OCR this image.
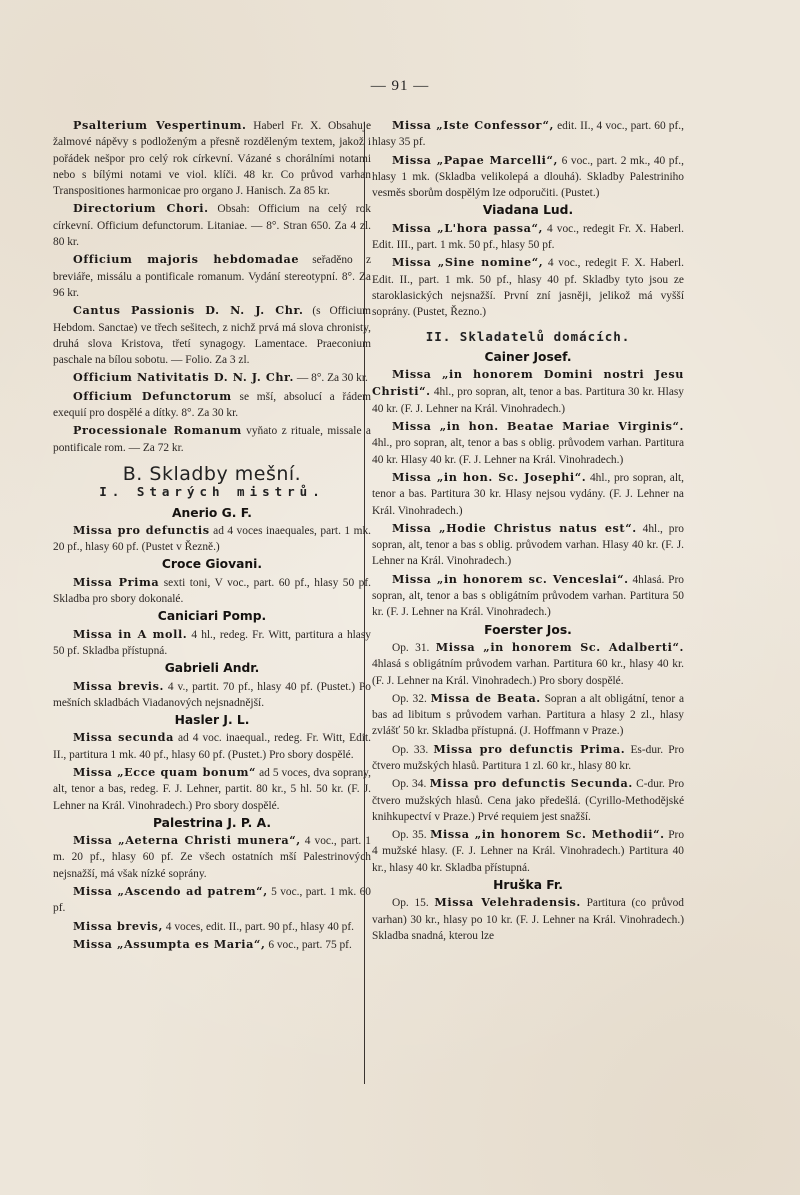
— 91 —

Psalterium Vespertinum. Haberl Fr. X. Obsahuje žalmové nápěvy s podloženým a přesně rozděleným textem, jakož i pořádek nešpor pro celý rok církevní. Vázané s chorálními notami nebo s bílými notami ve viol. klíči. 48 kr. Co průvod varhan Transpositiones harmonicae pro organo J. Hanisch. Za 85 kr.

Directorium Chori. Obsah: Officium na celý rok církevní. Officium defunctorum. Litaniae. — 8°. Stran 650. Za 4 zl. 80 kr.

Officium majoris hebdomadae seřaděno z breviáře, missálu a pontificale romanum. Vydání stereotypní. 8°. Za 96 kr.

Cantus Passionis D. N. J. Chr. (s Officium Hebdom. Sanctae) ve třech sešitech, z nichž prvá má slova chronisty, druhá slova Kristova, třetí synagogy. Lamentace. Praeconium paschale na bílou sobotu. — Folio. Za 3 zl.

Officium Nativitatis D. N. J. Chr. — 8°. Za 30 kr.

Officium Defunctorum se mší, absolucí a řádem exequií pro dospělé a dítky. 8°. Za 30 kr.

Processionale Romanum vyňato z rituale, missale a pontificale rom. — Za 72 kr.

B. Skladby mešní.
I. Starých mistrů.
Anerio G. F.

Missa pro defunctis ad 4 voces inaequales, part. 1 mk. 20 pf., hlasy 60 pf. (Pustet v Řezně.)

Croce Giovani.

Missa Prima sexti toni, V voc., part. 60 pf., hlasy 50 pf. Skladba pro sbory dokonalé.

Caniciari Pomp.

Missa in A moll. 4 hl., redeg. Fr. Witt, partitura a hlasy 50 pf. Skladba přístupná.

Gabrieli Andr.

Missa brevis. 4 v., partit. 70 pf., hlasy 40 pf. (Pustet.) Po mešních skladbách Viadanových nejsnadnější.

Hasler J. L.

Missa secunda ad 4 voc. inaequal., redeg. Fr. Witt, Edit. II., partitura 1 mk. 40 pf., hlasy 60 pf. (Pustet.) Pro sbory dospělé.

Missa „Ecce quam bonum“ ad 5 voces, dva soprany, alt, tenor a bas, redeg. F. J. Lehner, partit. 80 kr., 5 hl. 50 kr. (F. J. Lehner na Král. Vinohradech.) Pro sbory dospělé.

Palestrina J. P. A.

Missa „Aeterna Christi munera“, 4 voc., part. 1 m. 20 pf., hlasy 60 pf. Ze všech ostatních mší Palestrinových nejsnažší, má však nízké soprány.

Missa „Ascendo ad patrem“, 5 voc., part. 1 mk. 60 pf.

Missa brevis, 4 voces, edit. II., part. 90 pf., hlasy 40 pf.

Missa „Assumpta es Maria“, 6 voc., part. 75 pf.

Missa „Iste Confessor“, edit. II., 4 voc., part. 60 pf., hlasy 35 pf.

Missa „Papae Marcelli“, 6 voc., part. 2 mk., 40 pf., hlasy 1 mk. (Skladba velikolepá a dlouhá). Skladby Palestriniho vesměs sborům dospělým lze odporučiti. (Pustet.)

Viadana Lud.

Missa „L'hora passa“, 4 voc., redegit Fr. X. Haberl. Edit. III., part. 1 mk. 50 pf., hlasy 50 pf.

Missa „Sine nomine“, 4 voc., redegit F. X. Haberl. Edit. II., part. 1 mk. 50 pf., hlasy 40 pf. Skladby tyto jsou ze staroklasických nejsnažší. První zní jasněji, jelikož má vyšší soprány. (Pustet, Řezno.)

II. Skladatelů domácích.
Cainer Josef.

Missa „in honorem Domini nostri Jesu Christi“. 4hl., pro sopran, alt, tenor a bas. Partitura 30 kr. Hlasy 40 kr. (F. J. Lehner na Král. Vinohradech.)

Missa „in hon. Beatae Mariae Virginis“. 4hl., pro sopran, alt, tenor a bas s oblig. průvodem varhan. Partitura 40 kr. Hlasy 40 kr. (F. J. Lehner na Král. Vinohradech.)

Missa „in hon. Sc. Josephi“. 4hl., pro sopran, alt, tenor a bas. Partitura 30 kr. Hlasy nejsou vydány. (F. J. Lehner na Král. Vinohradech.)

Missa „Hodie Christus natus est“. 4hl., pro sopran, alt, tenor a bas s oblig. průvodem varhan. Hlasy 40 kr. (F. J. Lehner na Král. Vinohradech.)

Missa „in honorem sc. Venceslai“. 4hlasá. Pro sopran, alt, tenor a bas s obligátním průvodem varhan. Partitura 50 kr. (F. J. Lehner na Král. Vinohradech.)

Foerster Jos.

Op. 31. Missa „in honorem Sc. Adalberti“. 4hlasá s obligátním průvodem varhan. Partitura 60 kr., hlasy 40 kr. (F. J. Lehner na Král. Vinohradech.) Pro sbory dospělé.

Op. 32. Missa de Beata. Sopran a alt obligátní, tenor a bas ad libitum s průvodem varhan. Partitura a hlasy 2 zl., hlasy zvlášť 50 kr. Skladba přístupná. (J. Hoffmann v Praze.)

Op. 33. Missa pro defunctis Prima. Es-dur. Pro čtvero mužských hlasů. Partitura 1 zl. 60 kr., hlasy 80 kr.

Op. 34. Missa pro defunctis Secunda. C-dur. Pro čtvero mužských hlasů. Cena jako předešlá. (Cyrillo-Methodějské knihkupectví v Praze.) Prvé requiem jest snažší.

Op. 35. Missa „in honorem Sc. Methodii“. Pro 4 mužské hlasy. (F. J. Lehner na Král. Vinohradech.) Partitura 40 kr., hlasy 40 kr. Skladba přístupná.

Hruška Fr.

Op. 15. Missa Velehradensis. Partitura (co průvod varhan) 30 kr., hlasy po 10 kr. (F. J. Lehner na Král. Vinohradech.) Skladba snadná, kterou lze
